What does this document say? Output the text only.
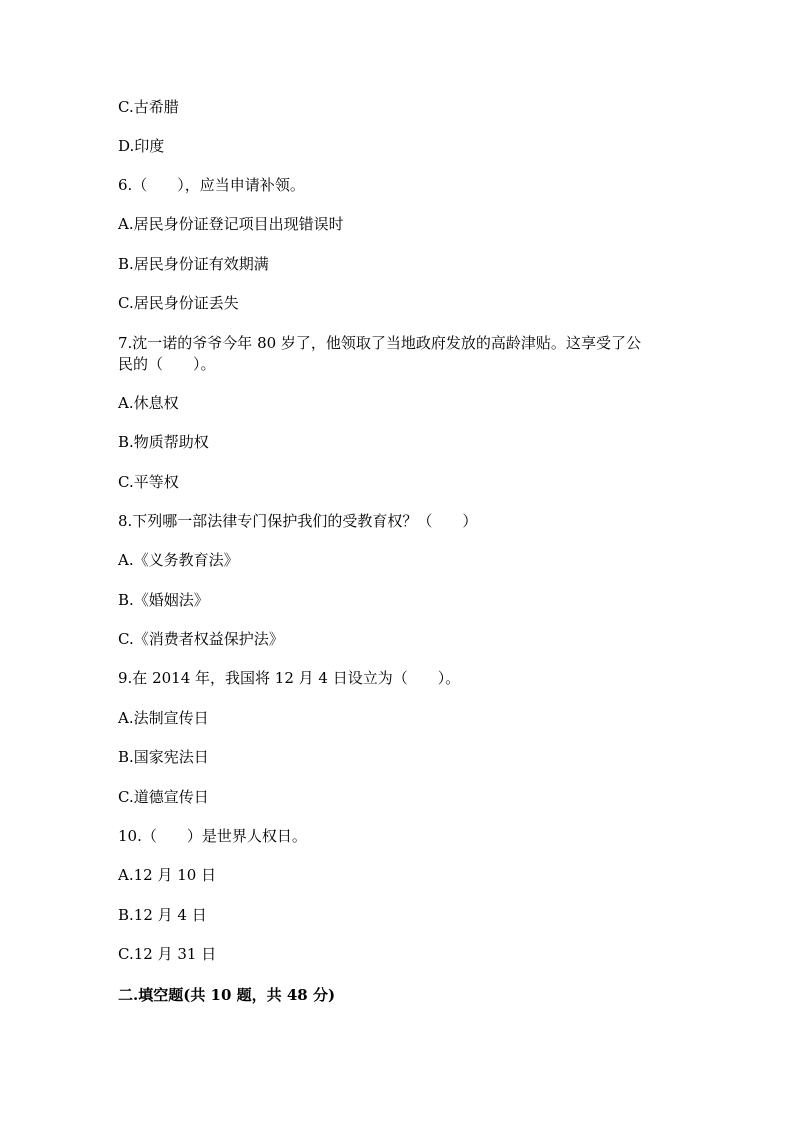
C.古希腊
D.印度
6.（　　），应当申请补领。
A.居民身份证登记项目出现错误时
B.居民身份证有效期满
C.居民身份证丢失
7.沈一诺的爷爷今年 80 岁了，他领取了当地政府发放的高龄津贴。这享受了公
民的（　　）。
A.休息权
B.物质帮助权
C.平等权
8.下列哪一部法律专门保护我们的受教育权？（　　）
A.《义务教育法》
B.《婚姻法》
C.《消费者权益保护法》
9.在 2014 年，我国将 12 月 4 日设立为（　　）。
A.法制宣传日
B.国家宪法日
C.道德宣传日
10.（　　）是世界人权日。
A.12 月 10 日
B.12 月 4 日
C.12 月 31 日
二.填空题(共 10 题，共 48 分)
